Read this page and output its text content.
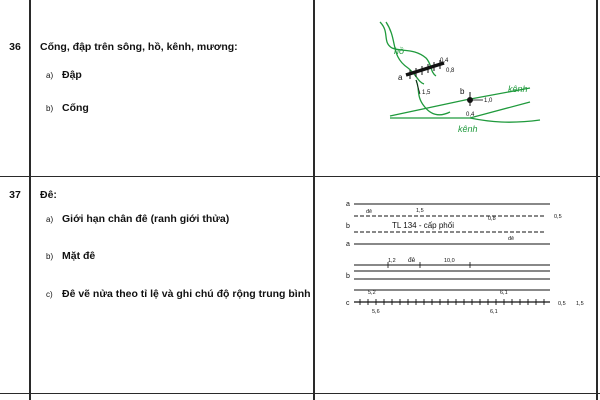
36	Cống, đập trên sông, hồ, kênh, mương:
a) Đập
b) Cống
37	Đê:
a) Giới hạn chân đê (ranh giới thửa)
b) Mặt đê
c) Đê vẽ nửa theo tỉ lệ và ghi chú độ rộng trung bình
hồ
kênh
kênh
a
b
0,4
0,8
1,5
1,0
0,4
a
đê	1,5
b	TL 134 - cấp phối
0,8	0,5
a
đê
1,2 đê	10,0
b
5,2	6,1
c	0,5 1,5
5,6	6,1
